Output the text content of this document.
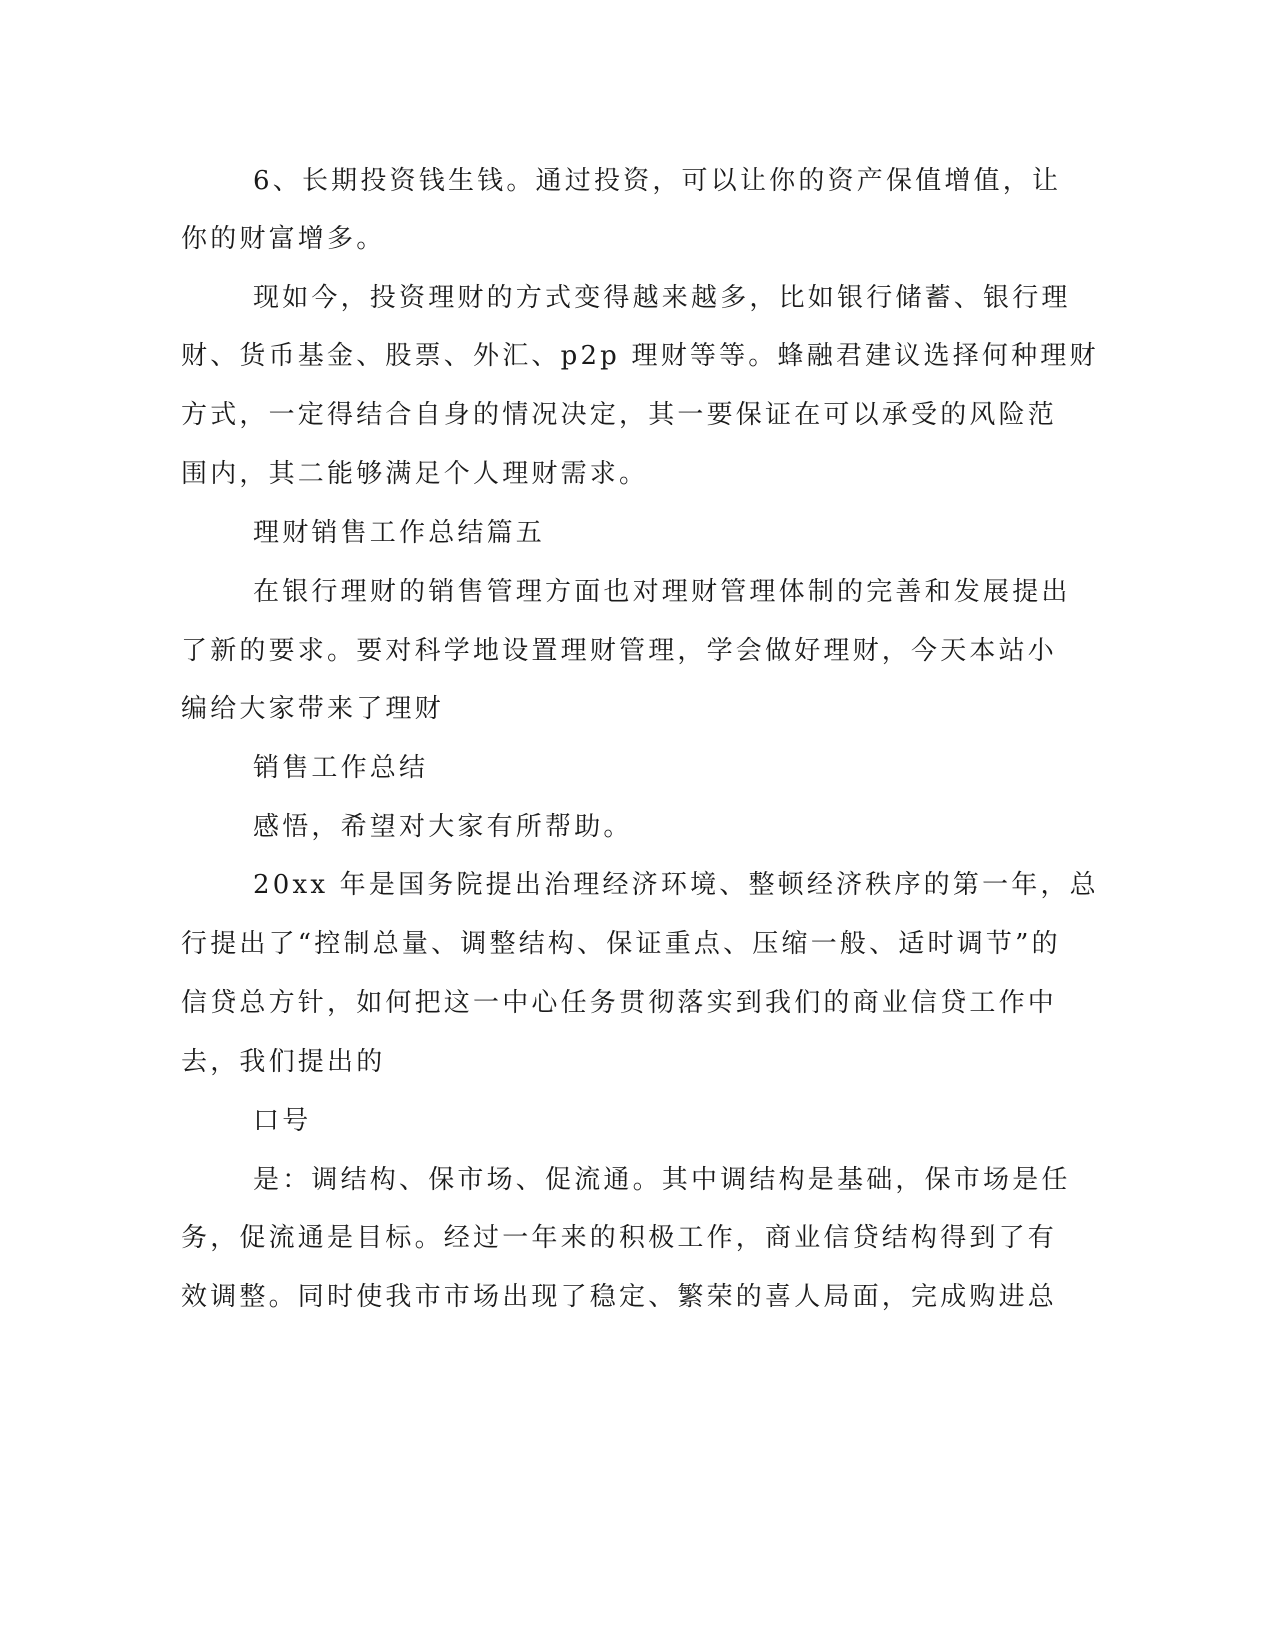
6、长期投资钱生钱。通过投资，可以让你的资产保值增值，让

你的财富增多。

现如今，投资理财的方式变得越来越多，比如银行储蓄、银行理

财、货币基金、股票、外汇、p2p 理财等等。蜂融君建议选择何种理财

方式，一定得结合自身的情况决定，其一要保证在可以承受的风险范

围内，其二能够满足个人理财需求。

理财销售工作总结篇五

在银行理财的销售管理方面也对理财管理体制的完善和发展提出

了新的要求。要对科学地设置理财管理，学会做好理财，今天本站小

编给大家带来了理财

销售工作总结

感悟，希望对大家有所帮助。

20xx 年是国务院提出治理经济环境、整顿经济秩序的第一年，总

行提出了“控制总量、调整结构、保证重点、压缩一般、适时调节”的

信贷总方针，如何把这一中心任务贯彻落实到我们的商业信贷工作中

去，我们提出的

口号

是：调结构、保市场、促流通。其中调结构是基础，保市场是任

务，促流通是目标。经过一年来的积极工作，商业信贷结构得到了有

效调整。同时使我市市场出现了稳定、繁荣的喜人局面，完成购进总
